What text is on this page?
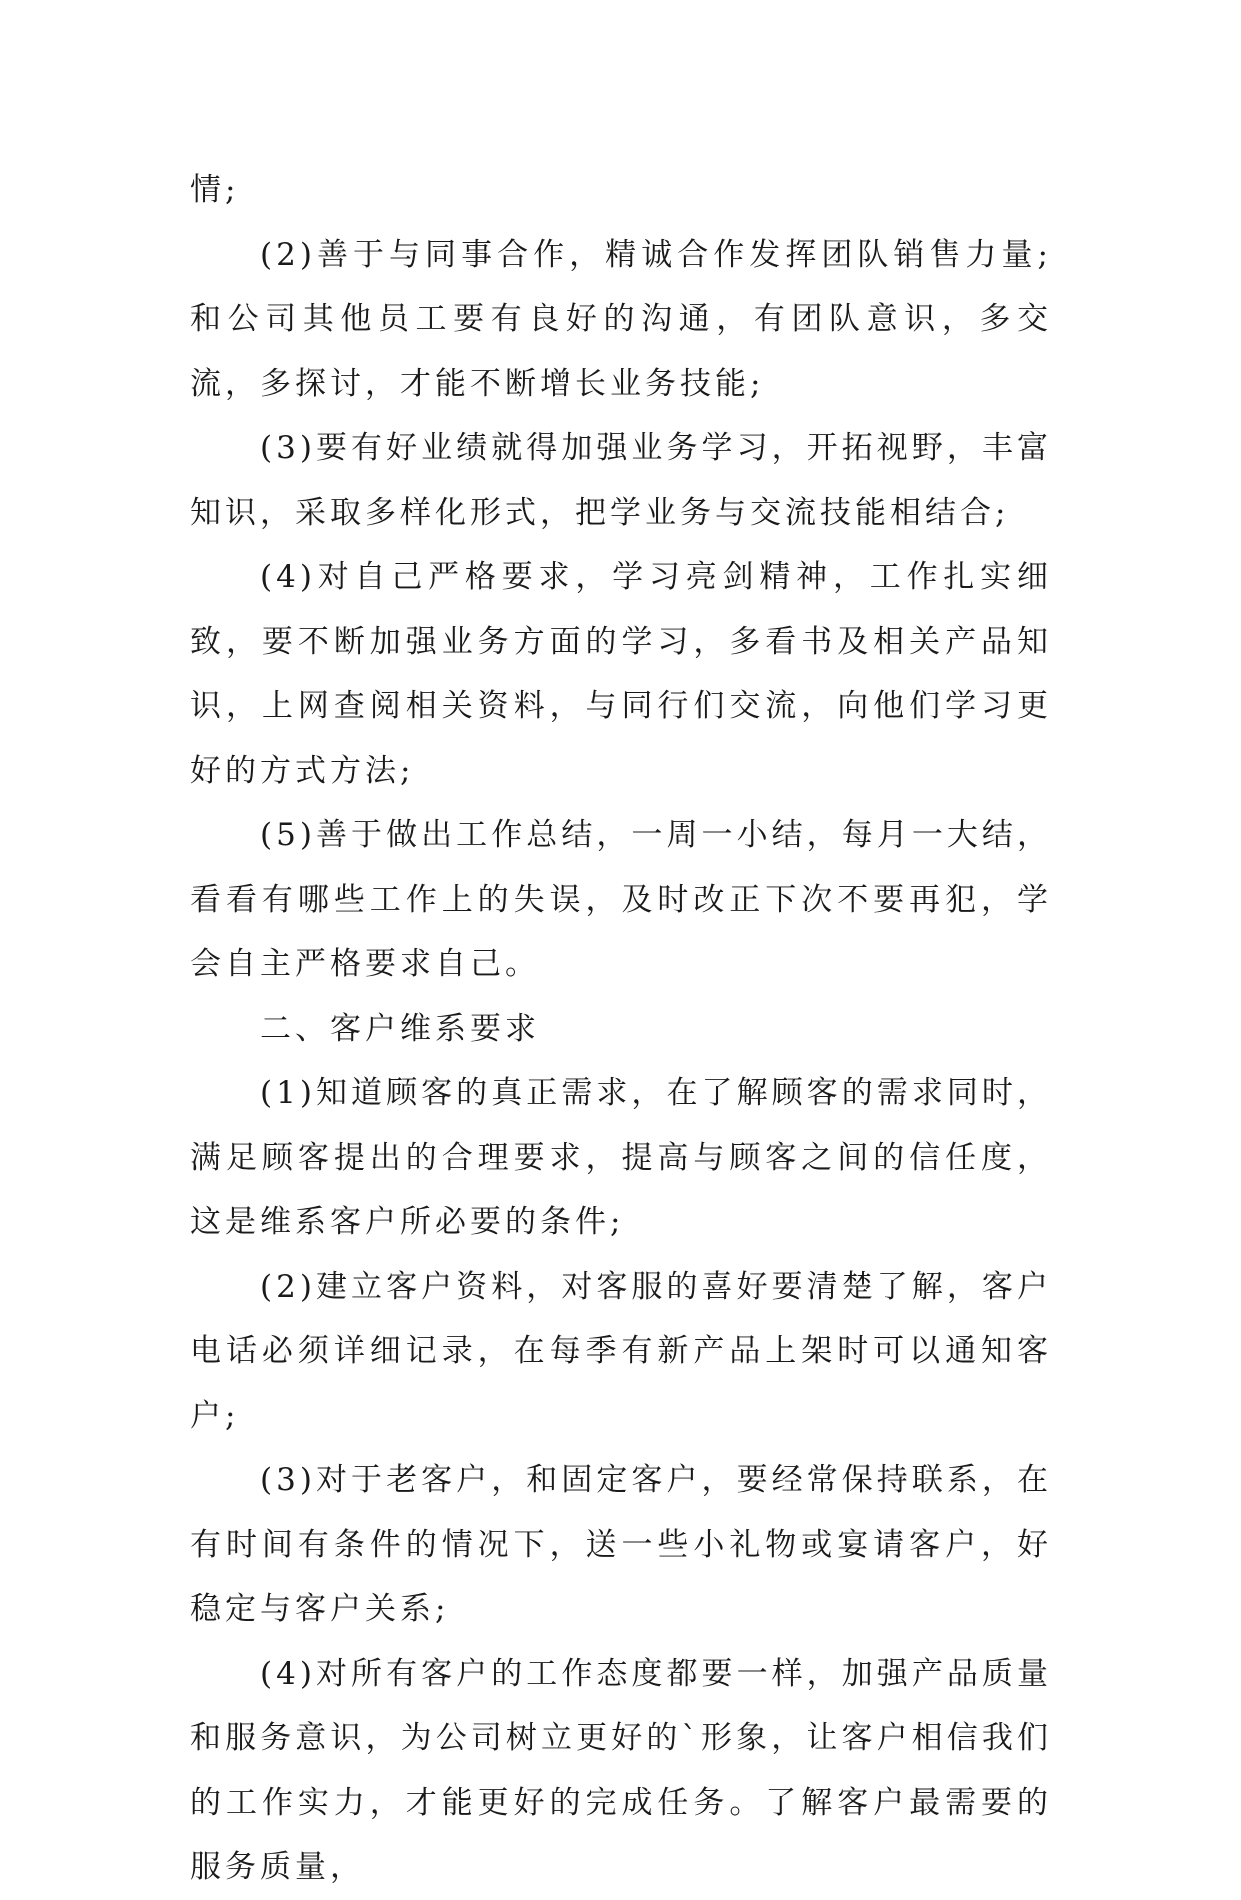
情;

(2)善于与同事合作，精诚合作发挥团队销售力量;和公司其他员工要有良好的沟通，有团队意识，多交流，多探讨，才能不断增长业务技能;

(3)要有好业绩就得加强业务学习，开拓视野，丰富知识，采取多样化形式，把学业务与交流技能相结合;

(4)对自己严格要求，学习亮剑精神，工作扎实细致，要不断加强业务方面的学习，多看书及相关产品知识，上网查阅相关资料，与同行们交流，向他们学习更好的方式方法;

(5)善于做出工作总结，一周一小结，每月一大结，看看有哪些工作上的失误，及时改正下次不要再犯，学会自主严格要求自己。

二、客户维系要求

(1)知道顾客的真正需求，在了解顾客的需求同时，满足顾客提出的合理要求，提高与顾客之间的信任度，这是维系客户所必要的条件;

(2)建立客户资料，对客服的喜好要清楚了解，客户电话必须详细记录，在每季有新产品上架时可以通知客户;

(3)对于老客户，和固定客户，要经常保持联系，在有时间有条件的情况下，送一些小礼物或宴请客户，好稳定与客户关系;

(4)对所有客户的工作态度都要一样，加强产品质量和服务意识，为公司树立更好的`形象，让客户相信我们的工作实力，才能更好的完成任务。了解客户最需要的服务质量，
